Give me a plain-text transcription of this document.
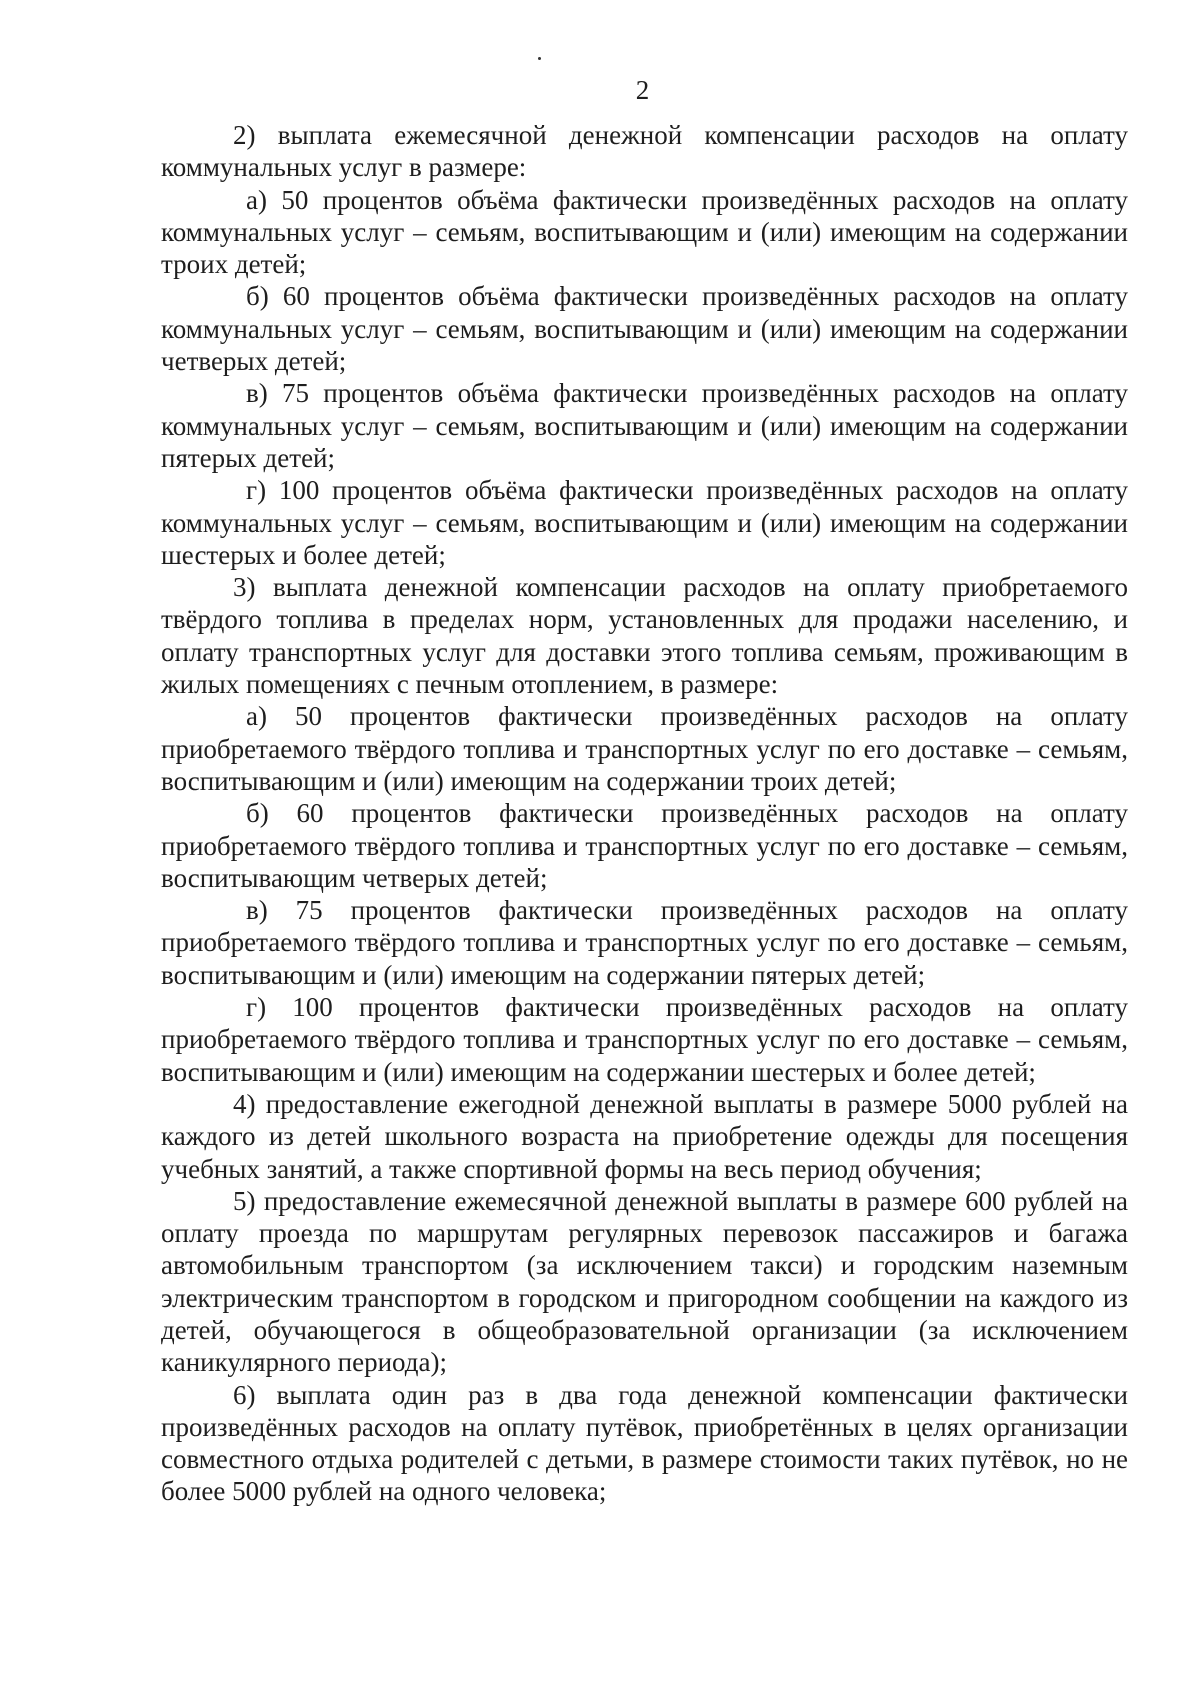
2

2) выплата ежемесячной денежной компенсации расходов на оплату коммунальных услуг в размере:

а) 50 процентов объёма фактически произведённых расходов на оплату коммунальных услуг – семьям, воспитывающим и (или) имеющим на содержании троих детей;

б) 60 процентов объёма фактически произведённых расходов на оплату коммунальных услуг – семьям, воспитывающим и (или) имеющим на содержании четверых детей;

в) 75 процентов объёма фактически произведённых расходов на оплату коммунальных услуг – семьям, воспитывающим и (или) имеющим на содержании пятерых детей;

г) 100 процентов объёма фактически произведённых расходов на оплату коммунальных услуг – семьям, воспитывающим и (или) имеющим на содержании шестерых и более детей;

3) выплата денежной компенсации расходов на оплату приобретаемого твёрдого топлива в пределах норм, установленных для продажи населению, и оплату транспортных услуг для доставки этого топлива семьям, проживающим в жилых помещениях с печным отоплением, в размере:

а) 50 процентов фактически произведённых расходов на оплату приобретаемого твёрдого топлива и транспортных услуг по его доставке – семьям, воспитывающим и (или) имеющим на содержании троих детей;

б) 60 процентов фактически произведённых расходов на оплату приобретаемого твёрдого топлива и транспортных услуг по его доставке – семьям, воспитывающим четверых детей;

в) 75 процентов фактически произведённых расходов на оплату приобретаемого твёрдого топлива и транспортных услуг по его доставке – семьям, воспитывающим и (или) имеющим на содержании пятерых детей;

г) 100 процентов фактически произведённых расходов на оплату приобретаемого твёрдого топлива и транспортных услуг по его доставке – семьям, воспитывающим и (или) имеющим на содержании шестерых и более детей;

4) предоставление ежегодной денежной выплаты в размере 5000 рублей на каждого из детей школьного возраста на приобретение одежды для посещения учебных занятий, а также спортивной формы на весь период обучения;

5) предоставление ежемесячной денежной выплаты в размере 600 рублей на оплату проезда по маршрутам регулярных перевозок пассажиров и багажа автомобильным транспортом (за исключением такси) и городским наземным электрическим транспортом в городском и пригородном сообщении на каждого из детей, обучающегося в общеобразовательной организации (за исключением каникулярного периода);

6) выплата один раз в два года денежной компенсации фактически произведённых расходов на оплату путёвок, приобретённых в целях организации совместного отдыха родителей с детьми, в размере стоимости таких путёвок, но не более 5000 рублей на одного человека;
